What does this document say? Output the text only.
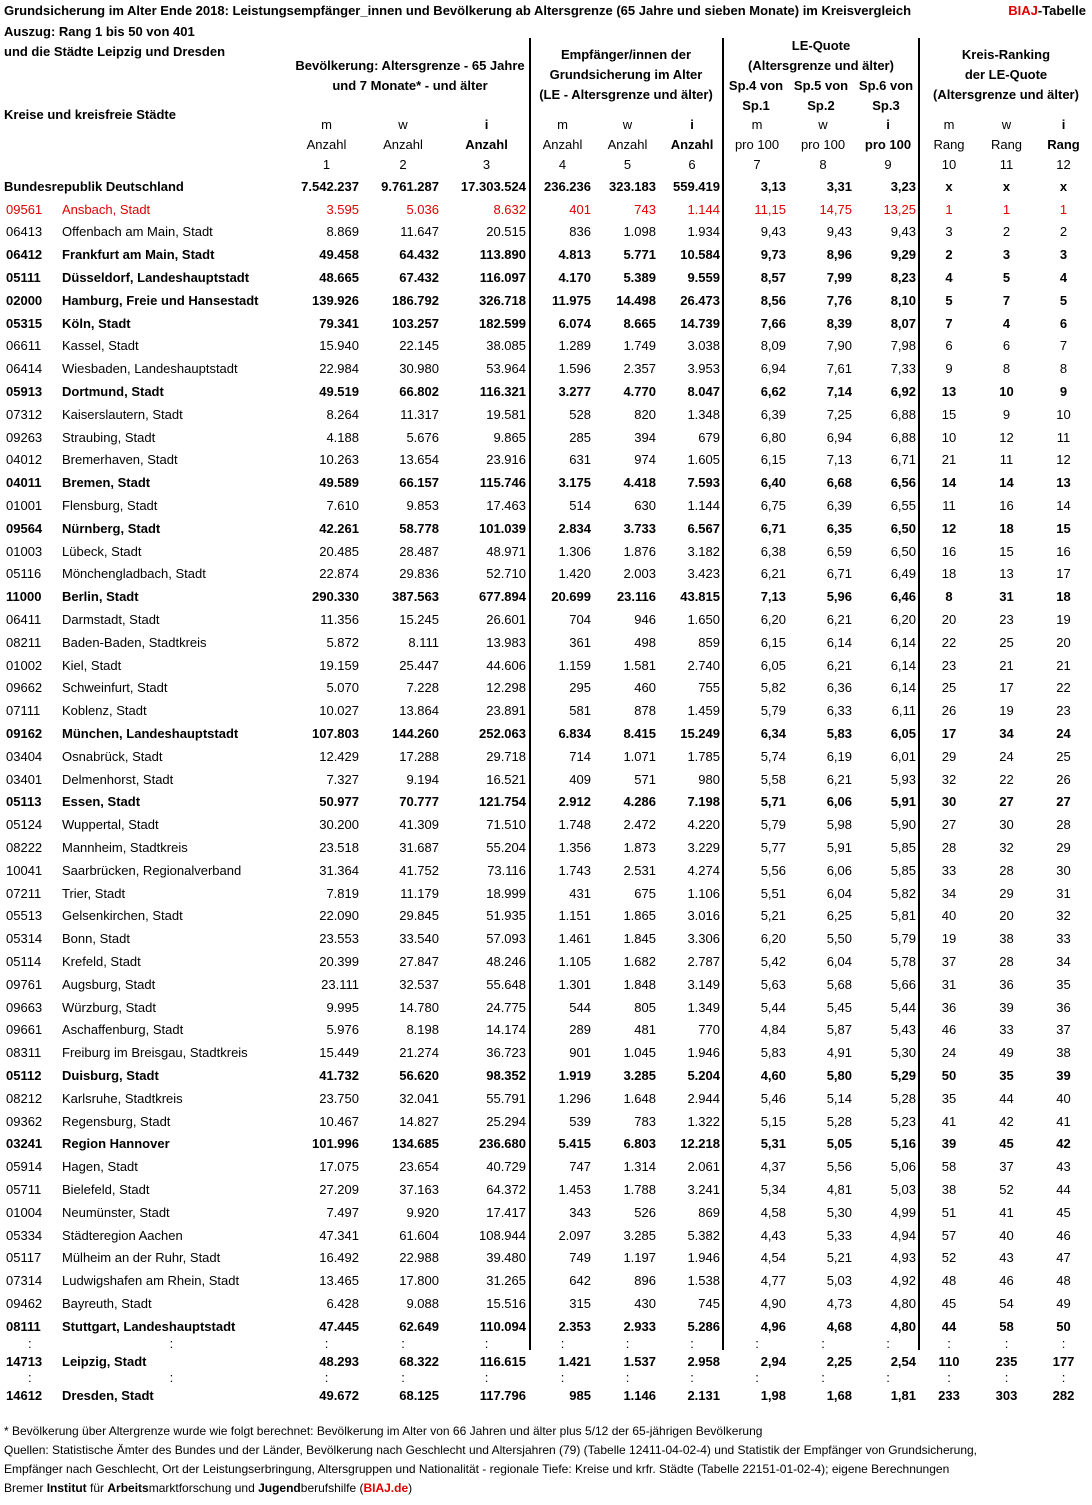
Grundsicherung im Alter Ende 2018: Leistungsempfänger_innen und Bevölkerung ab Altersgrenze (65 Jahre und sieben Monate) im Kreisvergleich	BIAJ-Tabelle
Auszug: Rang 1 bis 50 von 401
und die Städte Leipzig und Dresden
Kreise und kreisfreie Städte
Bevölkerung: Altersgrenze - 65 Jahre
und 7 Monate* - und älter
Empfänger/innen der
Grundsicherung im Alter
(LE - Altersgrenze und älter)
LE-Quote
(Altersgrenze und älter)
Sp.4 von
Sp.1
Sp.5 von
Sp.2
Sp.6 von
Sp.3
Kreis-Ranking
der LE-Quote
(Altersgrenze und älter)
	m	w	i	m	w	i	m	w	i	m	w	i
	Anzahl	Anzahl	Anzahl	Anzahl	Anzahl	Anzahl	pro 100	pro 100	pro 100	Rang	Rang	Rang
	1	2	3	4	5	6	7	8	9	10	11	12
Bundesrepublik Deutschland	7.542.237	9.761.287	17.303.524	236.236	323.183	559.419	3,13	3,31	3,23	x	x	x
09561 Ansbach, Stadt	3.595	5.036	8.632	401	743	1.144	11,15	14,75	13,25	1	1	1
06413 Offenbach am Main, Stadt	8.869	11.647	20.515	836	1.098	1.934	9,43	9,43	9,43	3	2	2
06412 Frankfurt am Main, Stadt	49.458	64.432	113.890	4.813	5.771	10.584	9,73	8,96	9,29	2	3	3
05111 Düsseldorf, Landeshauptstadt	48.665	67.432	116.097	4.170	5.389	9.559	8,57	7,99	8,23	4	5	4
02000 Hamburg, Freie und Hansestadt	139.926	186.792	326.718	11.975	14.498	26.473	8,56	7,76	8,10	5	7	5
05315 Köln, Stadt	79.341	103.257	182.599	6.074	8.665	14.739	7,66	8,39	8,07	7	4	6
06611 Kassel, Stadt	15.940	22.145	38.085	1.289	1.749	3.038	8,09	7,90	7,98	6	6	7
06414 Wiesbaden, Landeshauptstadt	22.984	30.980	53.964	1.596	2.357	3.953	6,94	7,61	7,33	9	8	8
05913 Dortmund, Stadt	49.519	66.802	116.321	3.277	4.770	8.047	6,62	7,14	6,92	13	10	9
07312 Kaiserslautern, Stadt	8.264	11.317	19.581	528	820	1.348	6,39	7,25	6,88	15	9	10
09263 Straubing, Stadt	4.188	5.676	9.865	285	394	679	6,80	6,94	6,88	10	12	11
04012 Bremerhaven, Stadt	10.263	13.654	23.916	631	974	1.605	6,15	7,13	6,71	21	11	12
04011 Bremen, Stadt	49.589	66.157	115.746	3.175	4.418	7.593	6,40	6,68	6,56	14	14	13
01001 Flensburg, Stadt	7.610	9.853	17.463	514	630	1.144	6,75	6,39	6,55	11	16	14
09564 Nürnberg, Stadt	42.261	58.778	101.039	2.834	3.733	6.567	6,71	6,35	6,50	12	18	15
01003 Lübeck, Stadt	20.485	28.487	48.971	1.306	1.876	3.182	6,38	6,59	6,50	16	15	16
05116 Mönchengladbach, Stadt	22.874	29.836	52.710	1.420	2.003	3.423	6,21	6,71	6,49	18	13	17
11000 Berlin, Stadt	290.330	387.563	677.894	20.699	23.116	43.815	7,13	5,96	6,46	8	31	18
06411 Darmstadt, Stadt	11.356	15.245	26.601	704	946	1.650	6,20	6,21	6,20	20	23	19
08211 Baden-Baden, Stadtkreis	5.872	8.111	13.983	361	498	859	6,15	6,14	6,14	22	25	20
01002 Kiel, Stadt	19.159	25.447	44.606	1.159	1.581	2.740	6,05	6,21	6,14	23	21	21
09662 Schweinfurt, Stadt	5.070	7.228	12.298	295	460	755	5,82	6,36	6,14	25	17	22
07111 Koblenz, Stadt	10.027	13.864	23.891	581	878	1.459	5,79	6,33	6,11	26	19	23
09162 München, Landeshauptstadt	107.803	144.260	252.063	6.834	8.415	15.249	6,34	5,83	6,05	17	34	24
03404 Osnabrück, Stadt	12.429	17.288	29.718	714	1.071	1.785	5,74	6,19	6,01	29	24	25
03401 Delmenhorst, Stadt	7.327	9.194	16.521	409	571	980	5,58	6,21	5,93	32	22	26
05113 Essen, Stadt	50.977	70.777	121.754	2.912	4.286	7.198	5,71	6,06	5,91	30	27	27
05124 Wuppertal, Stadt	30.200	41.309	71.510	1.748	2.472	4.220	5,79	5,98	5,90	27	30	28
08222 Mannheim, Stadtkreis	23.518	31.687	55.204	1.356	1.873	3.229	5,77	5,91	5,85	28	32	29
10041 Saarbrücken, Regionalverband	31.364	41.752	73.116	1.743	2.531	4.274	5,56	6,06	5,85	33	28	30
07211 Trier, Stadt	7.819	11.179	18.999	431	675	1.106	5,51	6,04	5,82	34	29	31
05513 Gelsenkirchen, Stadt	22.090	29.845	51.935	1.151	1.865	3.016	5,21	6,25	5,81	40	20	32
05314 Bonn, Stadt	23.553	33.540	57.093	1.461	1.845	3.306	6,20	5,50	5,79	19	38	33
05114 Krefeld, Stadt	20.399	27.847	48.246	1.105	1.682	2.787	5,42	6,04	5,78	37	28	34
09761 Augsburg, Stadt	23.111	32.537	55.648	1.301	1.848	3.149	5,63	5,68	5,66	31	36	35
09663 Würzburg, Stadt	9.995	14.780	24.775	544	805	1.349	5,44	5,45	5,44	36	39	36
09661 Aschaffenburg, Stadt	5.976	8.198	14.174	289	481	770	4,84	5,87	5,43	46	33	37
08311 Freiburg im Breisgau, Stadtkreis	15.449	21.274	36.723	901	1.045	1.946	5,83	4,91	5,30	24	49	38
05112 Duisburg, Stadt	41.732	56.620	98.352	1.919	3.285	5.204	4,60	5,80	5,29	50	35	39
08212 Karlsruhe, Stadtkreis	23.750	32.041	55.791	1.296	1.648	2.944	5,46	5,14	5,28	35	44	40
09362 Regensburg, Stadt	10.467	14.827	25.294	539	783	1.322	5,15	5,28	5,23	41	42	41
03241 Region Hannover	101.996	134.685	236.680	5.415	6.803	12.218	5,31	5,05	5,16	39	45	42
05914 Hagen, Stadt	17.075	23.654	40.729	747	1.314	2.061	4,37	5,56	5,06	58	37	43
05711 Bielefeld, Stadt	27.209	37.163	64.372	1.453	1.788	3.241	5,34	4,81	5,03	38	52	44
01004 Neumünster, Stadt	7.497	9.920	17.417	343	526	869	4,58	5,30	4,99	51	41	45
05334 Städteregion Aachen	47.341	61.604	108.944	2.097	3.285	5.382	4,43	5,33	4,94	57	40	46
05117 Mülheim an der Ruhr, Stadt	16.492	22.988	39.480	749	1.197	1.946	4,54	5,21	4,93	52	43	47
07314 Ludwigshafen am Rhein, Stadt	13.465	17.800	31.265	642	896	1.538	4,77	5,03	4,92	48	46	48
09462 Bayreuth, Stadt	6.428	9.088	15.516	315	430	745	4,90	4,73	4,80	45	54	49
08111 Stuttgart, Landeshauptstadt	47.445	62.649	110.094	2.353	2.933	5.286	4,96	4,68	4,80	44	58	50
: :	:	:	:	:	:	:	:	:	:	:	:	:
14713 Leipzig, Stadt	48.293	68.322	116.615	1.421	1.537	2.958	2,94	2,25	2,54	110	235	177
: :	:	:	:	:	:	:	:	:	:	:	:	:
14612 Dresden, Stadt	49.672	68.125	117.796	985	1.146	2.131	1,98	1,68	1,81	233	303	282
* Bevölkerung über Altergrenze wurde wie folgt berechnet: Bevölkerung im Alter von 66 Jahren und älter plus 5/12 der 65-jährigen Bevölkerung
Quellen: Statistische Ämter des Bundes und der Länder, Bevölkerung nach Geschlecht und Altersjahren (79) (Tabelle 12411-04-02-4) und Statistik der Empfänger von Grundsicherung,
Empfänger nach Geschlecht, Ort der Leistungserbringung, Altersgruppen und Nationalität - regionale Tiefe: Kreise und krfr. Städte (Tabelle 22151-01-02-4); eigene Berechnungen
Bremer Institut für Arbeitsmarktforschung und Jugendberufshilfe (BIAJ.de)
